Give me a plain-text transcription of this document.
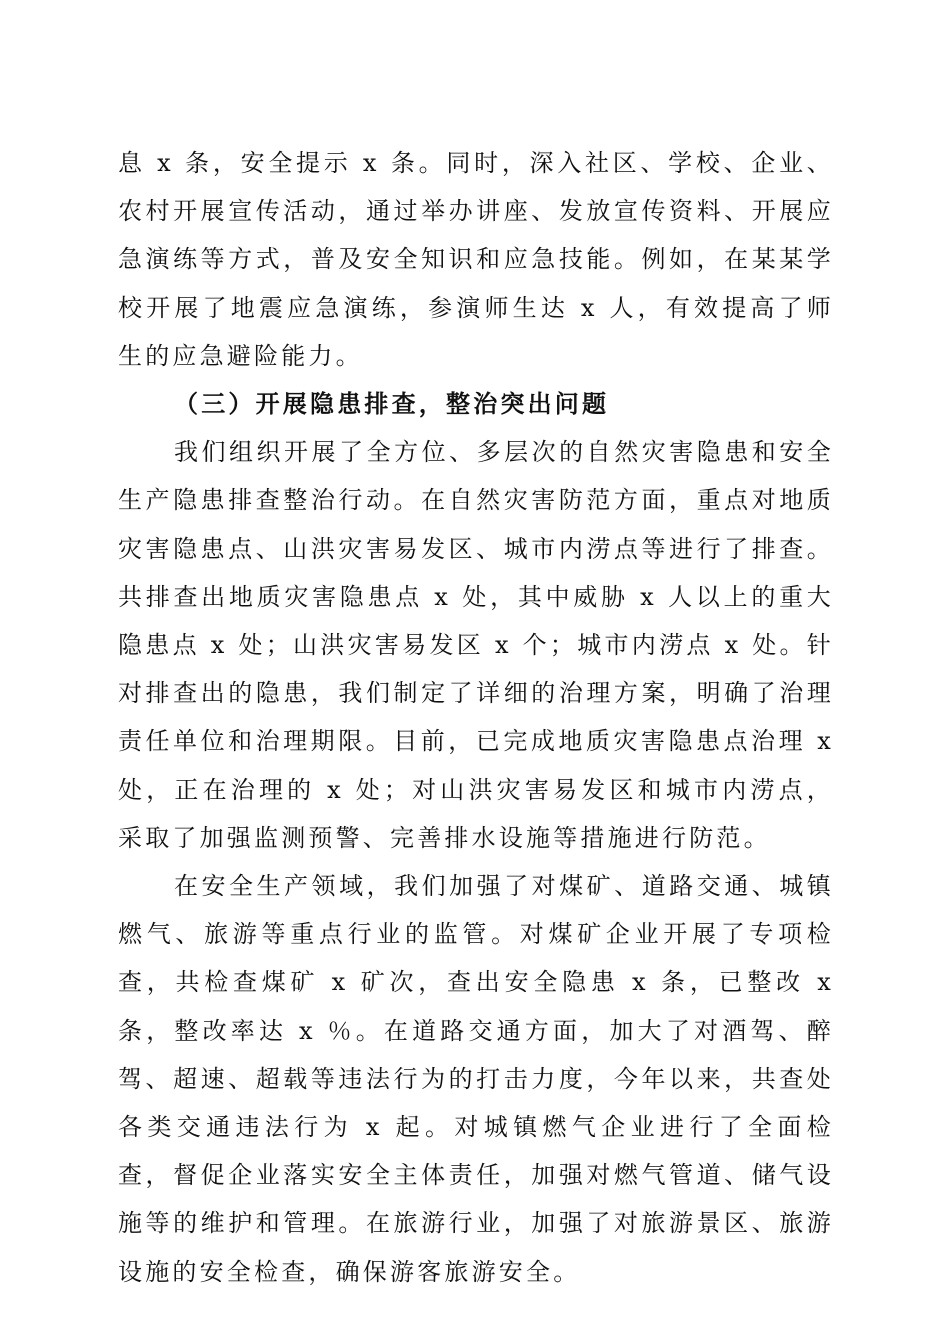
息 x 条，安全提示 x 条。同时，深入社区、学校、企业、农村开展宣传活动，通过举办讲座、发放宣传资料、开展应急演练等方式，普及安全知识和应急技能。例如，在某某学校开展了地震应急演练，参演师生达 x 人，有效提高了师生的应急避险能力。

（三）开展隐患排查，整治突出问题

我们组织开展了全方位、多层次的自然灾害隐患和安全生产隐患排查整治行动。在自然灾害防范方面，重点对地质灾害隐患点、山洪灾害易发区、城市内涝点等进行了排查。共排查出地质灾害隐患点 x 处，其中威胁 x 人以上的重大隐患点 x 处；山洪灾害易发区 x 个；城市内涝点 x 处。针对排查出的隐患，我们制定了详细的治理方案，明确了治理责任单位和治理期限。目前，已完成地质灾害隐患点治理 x 处，正在治理的 x 处；对山洪灾害易发区和城市内涝点，采取了加强监测预警、完善排水设施等措施进行防范。

在安全生产领域，我们加强了对煤矿、道路交通、城镇燃气、旅游等重点行业的监管。对煤矿企业开展了专项检查，共检查煤矿 x 矿次，查出安全隐患 x 条，已整改 x 条，整改率达 x ％。在道路交通方面，加大了对酒驾、醉驾、超速、超载等违法行为的打击力度，今年以来，共查处各类交通违法行为 x 起。对城镇燃气企业进行了全面检查，督促企业落实安全主体责任，加强对燃气管道、储气设施等的维护和管理。在旅游行业，加强了对旅游景区、旅游设施的安全检查，确保游客旅游安全。
